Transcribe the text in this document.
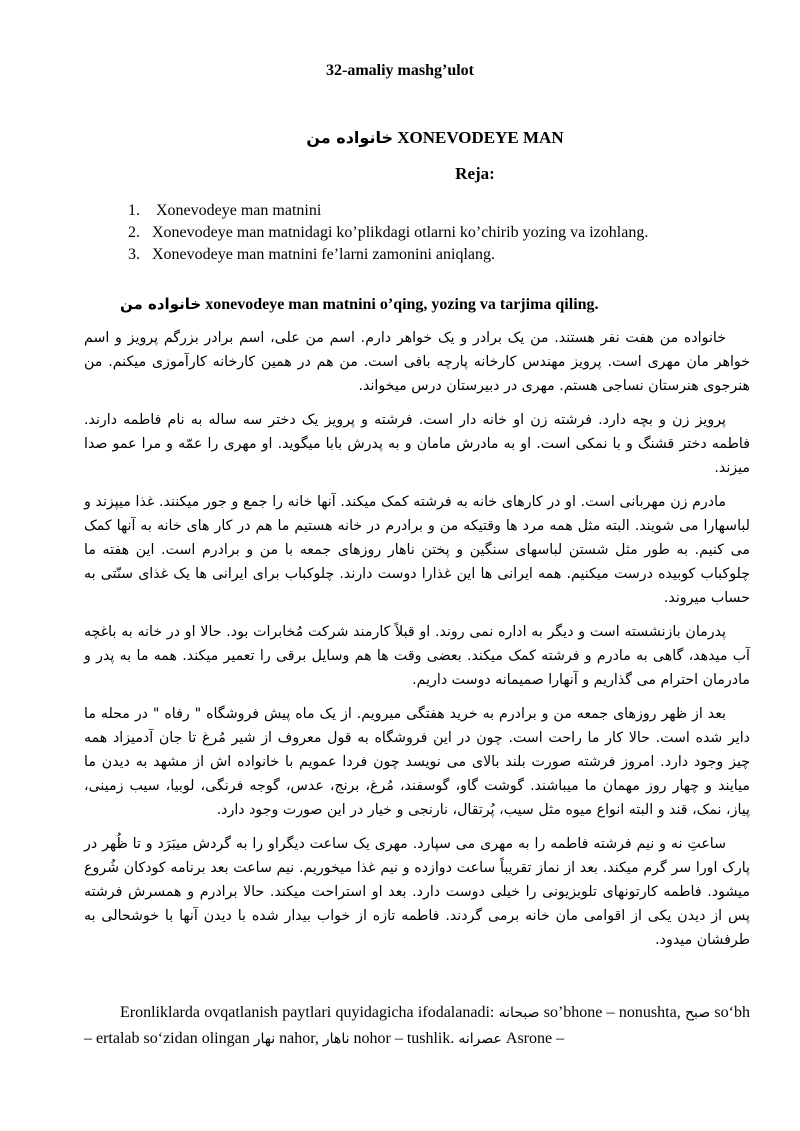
32-amaliy mashg’ulot
خانواده من XONEVODEYE MAN
Reja:
1. Xonevodeye man matnini
2. Xonevodeye man matnidagi ko’plikdagi otlarni ko’chirib yozing va izohlang.
3. Xonevodeye man matnini fe’larni zamonini aniqlang.
خانواده من xonevodeye man matnini o’qing, yozing va tarjima qiling.

خانواده من هفت نفر هستند. من یک برادر و یک خواهر دارم. اسم من علی، اسم برادر بزرگم پرویز و اسم خواهر مان مهری است. پرویز مهندس کارخانه پارچه بافی است. من هم در همین کارخانه کارآموزی میکنم. من هنرجوی هنرستان نساجی هستم. مهری در دبیرستان درس میخواند.

پرویز زن و بچه دارد. فرشته زن او خانه دار است. فرشته و پرویز یک دختر سه ساله به نام فاطمه دارند. فاطمه دختر قشنگ و با نمکی است. او به مادرش مامان و به پدرش بابا میگوید. او مهری را عمّه و مرا عمو صدا میزند.

مادرم زن مهربانی است. او در کارهای خانه به فرشته کمک میکند. آنها خانه را جمع و جور میکنند. غذا میپزند و لباسهارا می شویند. البته مثل همه مرد ها وقتیکه من و برادرم در خانه هستیم ما هم در کار های خانه به آنها کمک می کنیم. به طور مثل شستن لباسهای سنگین و پختن ناهار روزهای جمعه با من و برادرم است. این هفته ما چلوکباب کوبیده درست میکنیم. همه ایرانی ها این غذارا دوست دارند. چلوکباب برای ایرانی ها یک غذای سنّتی به حساب میروند.

پدرمان بازنشسته است و دیگر به اداره نمی روند. او قبلاً کارمند شرکت مُخابرات بود. حالا او در خانه به باغچه آب میدهد، گاهی به مادرم و فرشته کمک میکند. بعضی وقت ها هم وسایل برقی را تعمیر میکند. همه ما به پدر و مادرمان احترام می گذاریم و آنهارا صمیمانه دوست داریم.

بعد از ظهر روزهای جمعه من و برادرم به خرید هفتگی میرویم. از یک ماه پیش فروشگاه " رفاه " در محله ما دایر شده است. حالا کار ما راحت است. چون در این فروشگاه به قول معروف از شیر مُرغ تا جان آدمیزاد همه چیز وجود دارد. امروز فرشته صورت بلند بالای می نویسد چون فردا عمویم با خانواده اش از مشهد به دیدن ما میایند و چهار روز مهمان ما میباشند. گوشت گاو، گوسفند، مُرغ، برنج، عدس، گوجه فرنگی، لوبیا، سیب زمینی، پیاز، نمک، قند و البته انواع میوه مثل سیب، پُرتقال، نارنجی و خیار در این صورت وجود دارد.

ساعتِ نه و نیم فرشته فاطمه را به مهری می سپارد. مهری یک ساعت دیگراو را به گردش میبَرَد و تا ظُهر در پارک اورا سر گرم میکند. بعد از نماز تقریباً ساعت دوازده و نیم غذا میخوریم. نیم ساعت بعد برنامه کودکان شُروع میشود. فاطمه کارتونهای تلویزیونی را خیلی دوست دارد. بعد او استراحت میکند. حالا برادرم و همسرش فرشته پس از دیدن یکی از اقوامی مان خانه برمی گردند. فاطمه تازه از خواب بیدار شده با دیدن آنها با خوشحالی به طرفشان میدود.

Eronliklarda ovqatlanish paytlari quyidagicha ifodalanadi: صبحانه so’bhone – nonushta, صبح so‘bh – ertalab so‘zidan olingan نهار nahor, ناهار nohor – tushlik. عصرانه Asrone –
